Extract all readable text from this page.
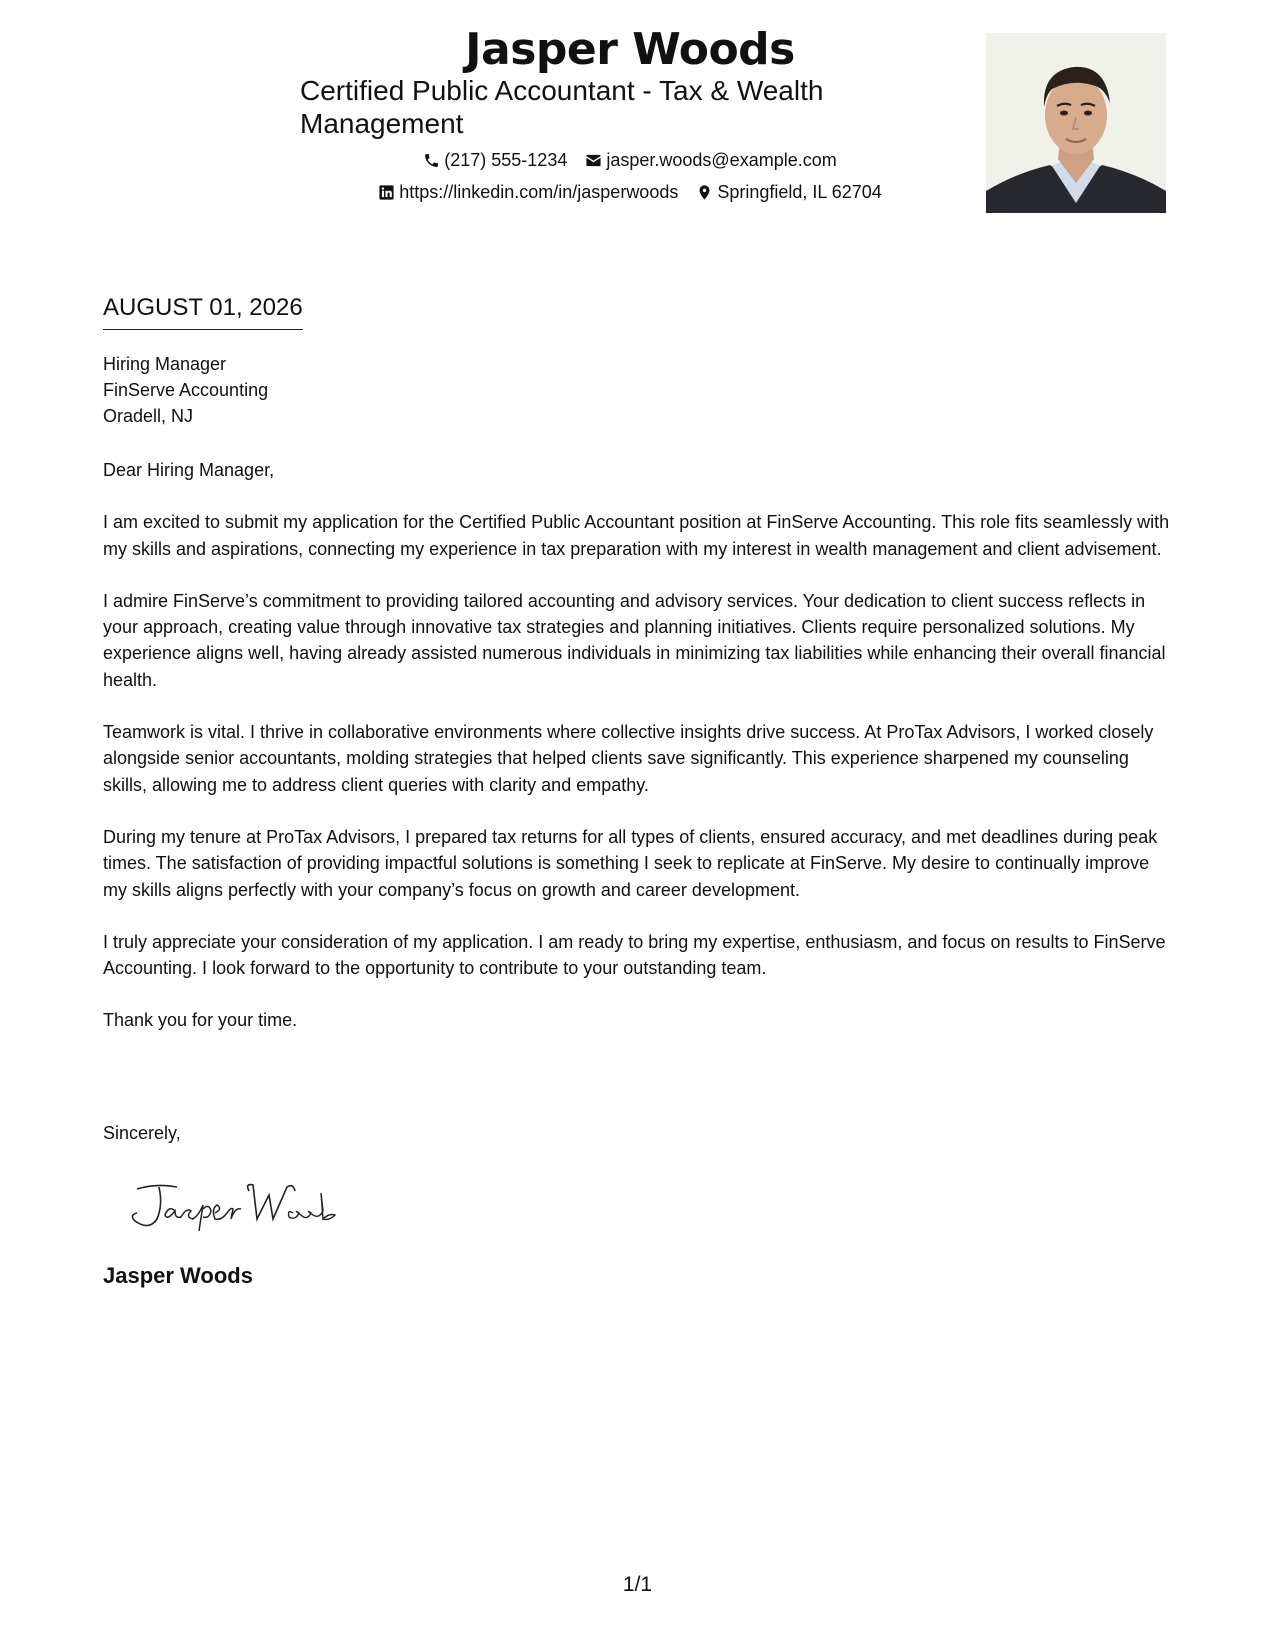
Jasper Woods
Certified Public Accountant - Tax & Wealth Management
(217) 555-1234 jasper.woods@example.com
https://linkedin.com/in/jasperwoods Springfield, IL 62704
AUGUST 01, 2026
Hiring Manager
FinServe Accounting
Oradell, NJ

Dear Hiring Manager,

I am excited to submit my application for the Certified Public Accountant position at FinServe Accounting. This role fits seamlessly with my skills and aspirations, connecting my experience in tax preparation with my interest in wealth management and client advisement.

I admire FinServe’s commitment to providing tailored accounting and advisory services. Your dedication to client success reflects in your approach, creating value through innovative tax strategies and planning initiatives. Clients require personalized solutions. My experience aligns well, having already assisted numerous individuals in minimizing tax liabilities while enhancing their overall financial health.

Teamwork is vital. I thrive in collaborative environments where collective insights drive success. At ProTax Advisors, I worked closely alongside senior accountants, molding strategies that helped clients save significantly. This experience sharpened my counseling skills, allowing me to address client queries with clarity and empathy.

During my tenure at ProTax Advisors, I prepared tax returns for all types of clients, ensured accuracy, and met deadlines during peak times. The satisfaction of providing impactful solutions is something I seek to replicate at FinServe. My desire to continually improve my skills aligns perfectly with your company’s focus on growth and career development.

I truly appreciate your consideration of my application. I am ready to bring my expertise, enthusiasm, and focus on results to FinServe Accounting. I look forward to the opportunity to contribute to your outstanding team.

Thank you for your time.

Sincerely,
Jasper Woods
1/1
